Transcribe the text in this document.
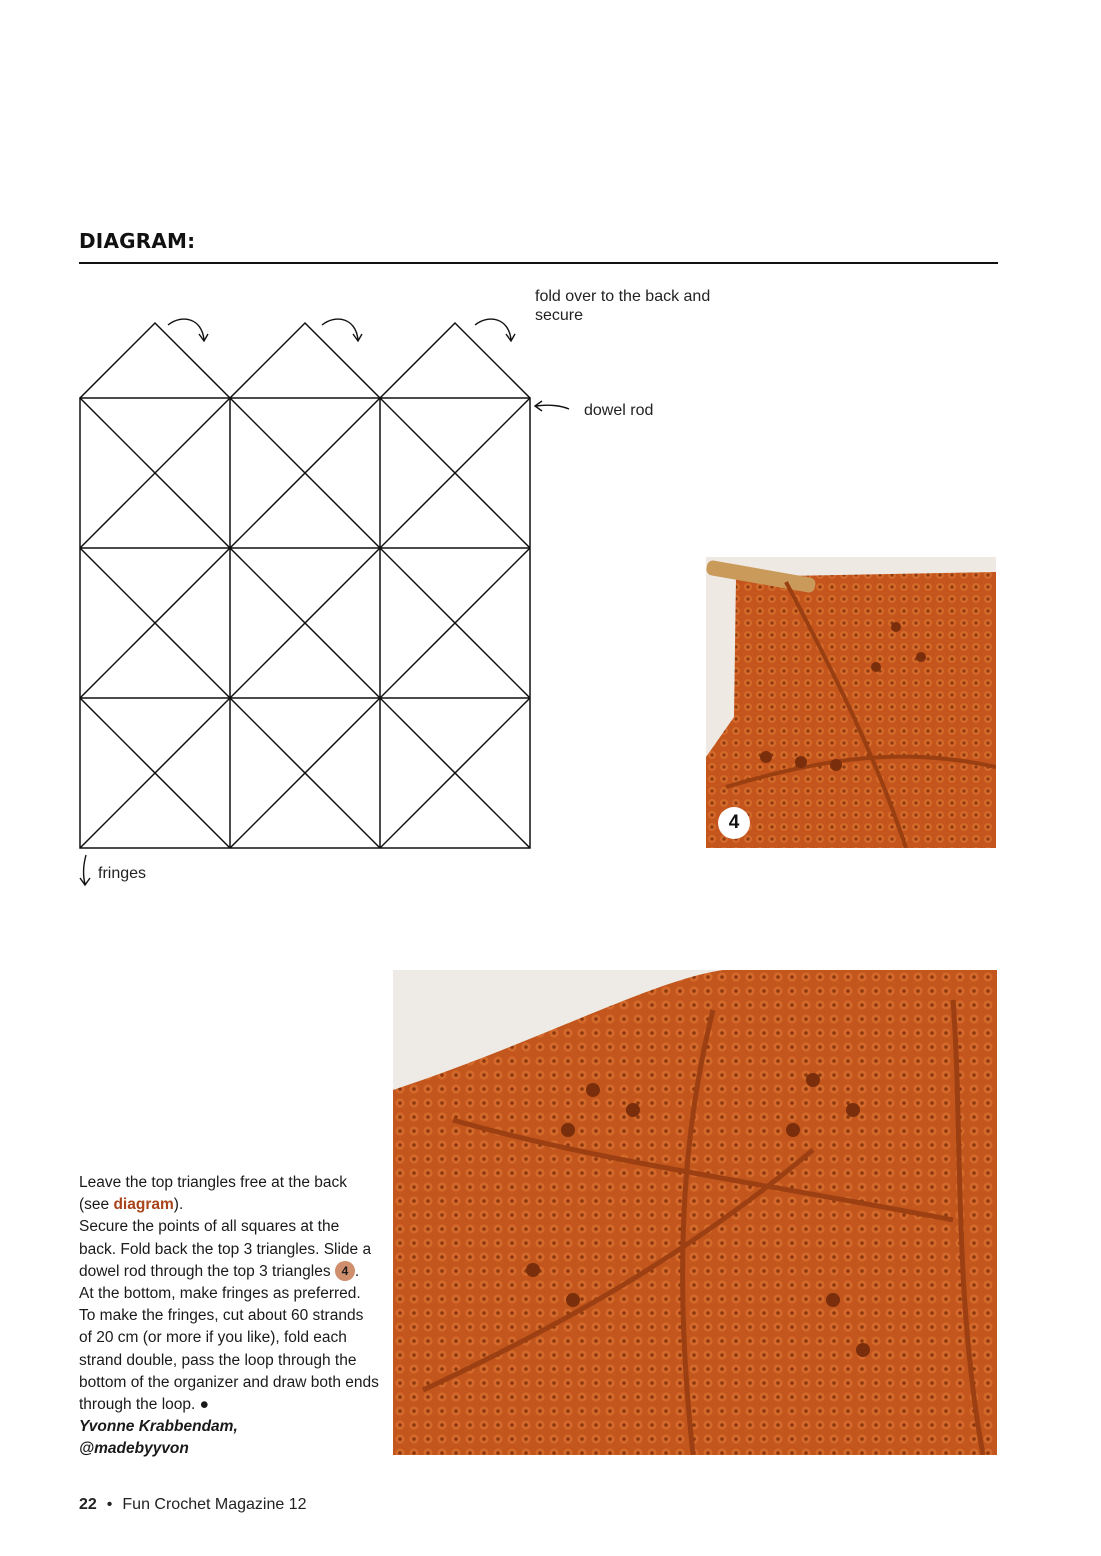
DIAGRAM:
fold over to the back and secure
dowel rod
fringes
4

Leave the top triangles free at the back (see diagram).

Secure the points of all squares at the back. Fold back the top 3 triangles. Slide a dowel rod through the top 3 triangles 4 .

At the bottom, make fringes as preferred.

To make the fringes, cut about 60 strands of 20 cm (or more if you like), fold each strand double, pass the loop through the bottom of the organizer and draw both ends through the loop. ●

Yvonne Krabbendam,

@madebyyvon

22 • Fun Crochet Magazine 12
